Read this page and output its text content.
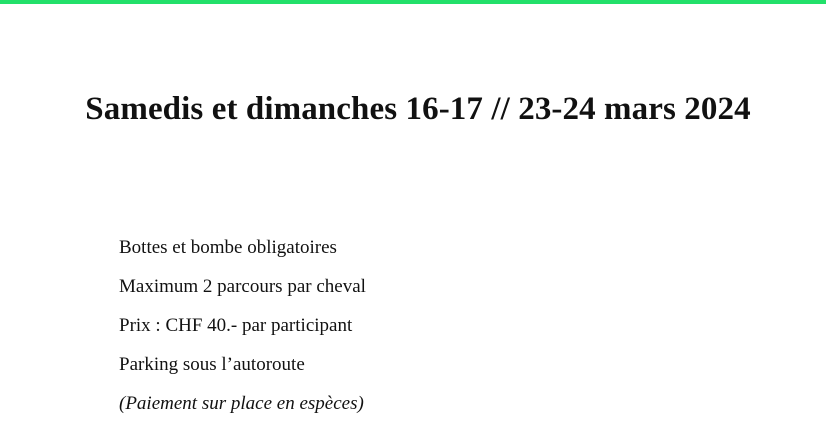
Samedis et dimanches 16-17 // 23-24 mars 2024
Bottes et bombe obligatoires
Maximum 2 parcours par cheval
Prix : CHF 40.- par participant
Parking sous l’autoroute
(Paiement sur place en espèces)
